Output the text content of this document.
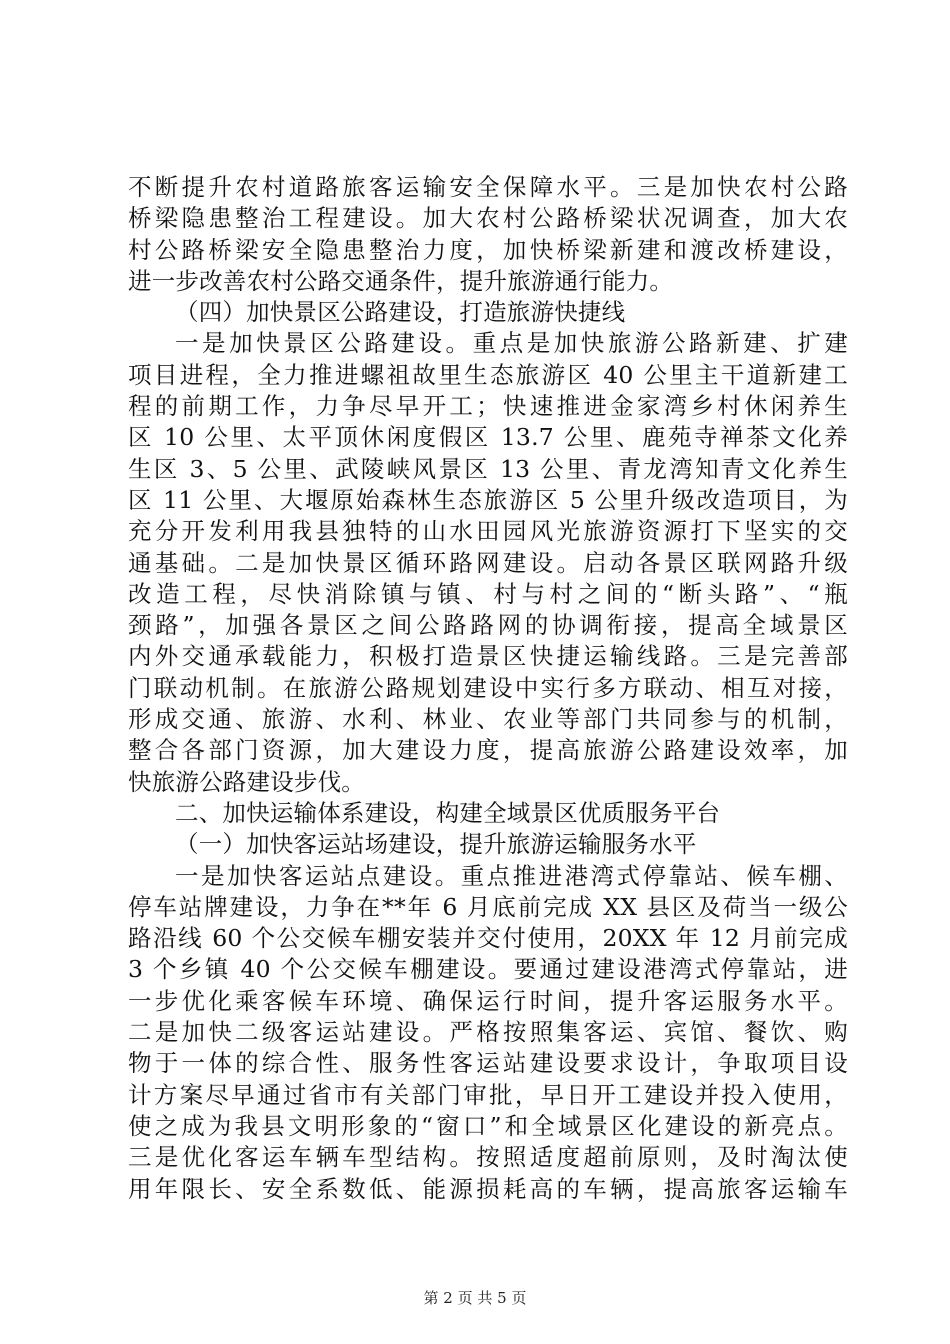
不断提升农村道路旅客运输安全保障水平。三是加快农村公路
桥梁隐患整治工程建设。加大农村公路桥梁状况调查，加大农
村公路桥梁安全隐患整治力度，加快桥梁新建和渡改桥建设，
进一步改善农村公路交通条件，提升旅游通行能力。
（四）加快景区公路建设，打造旅游快捷线
一是加快景区公路建设。重点是加快旅游公路新建、扩建
项目进程，全力推进螺祖故里生态旅游区 40 公里主干道新建工
程的前期工作，力争尽早开工；快速推进金家湾乡村休闲养生
区 10 公里、太平顶休闲度假区 13.7 公里、鹿苑寺禅茶文化养
生区 3、5 公里、武陵峡风景区 13 公里、青龙湾知青文化养生
区 11 公里、大堰原始森林生态旅游区 5 公里升级改造项目，为
充分开发利用我县独特的山水田园风光旅游资源打下坚实的交
通基础。二是加快景区循环路网建设。启动各景区联网路升级
改造工程，尽快消除镇与镇、村与村之间的“断头路”、“瓶
颈路”，加强各景区之间公路路网的协调衔接，提高全域景区
内外交通承载能力，积极打造景区快捷运输线路。三是完善部
门联动机制。在旅游公路规划建设中实行多方联动、相互对接，
形成交通、旅游、水利、林业、农业等部门共同参与的机制，
整合各部门资源，加大建设力度，提高旅游公路建设效率，加
快旅游公路建设步伐。
二、加快运输体系建设，构建全域景区优质服务平台
（一）加快客运站场建设，提升旅游运输服务水平
一是加快客运站点建设。重点推进港湾式停靠站、候车棚、
停车站牌建设，力争在**年 6 月底前完成 XX 县区及荷当一级公
路沿线 60 个公交候车棚安装并交付使用，20XX 年 12 月前完成
3 个乡镇 40 个公交候车棚建设。要通过建设港湾式停靠站，进
一步优化乘客候车环境、确保运行时间，提升客运服务水平。
二是加快二级客运站建设。严格按照集客运、宾馆、餐饮、购
物于一体的综合性、服务性客运站建设要求设计，争取项目设
计方案尽早通过省市有关部门审批，早日开工建设并投入使用，
使之成为我县文明形象的“窗口”和全域景区化建设的新亮点。
三是优化客运车辆车型结构。按照适度超前原则，及时淘汰使
用年限长、安全系数低、能源损耗高的车辆，提高旅客运输车
第 2 页 共 5 页
